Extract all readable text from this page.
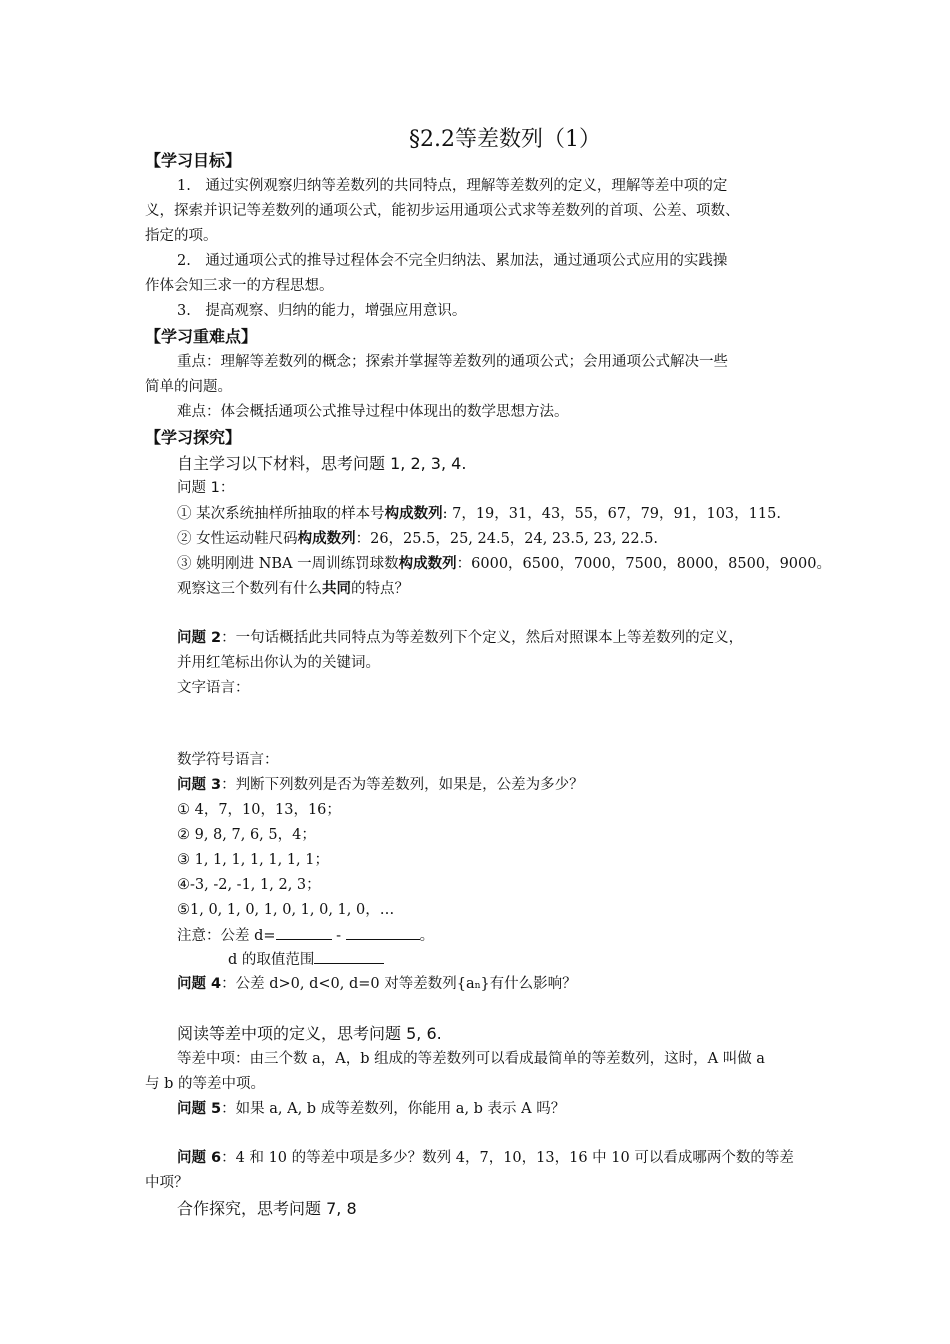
§2.2等差数列（1）
【学习目标】
1.　通过实例观察归纳等差数列的共同特点，理解等差数列的定义，理解等差中项的定
义，探索并识记等差数列的通项公式，能初步运用通项公式求等差数列的首项、公差、项数、
指定的项。
2.　通过通项公式的推导过程体会不完全归纳法、累加法，通过通项公式应用的实践操
作体会知三求一的方程思想。
3.　提高观察、归纳的能力，增强应用意识。
【学习重难点】
重点：理解等差数列的概念；探索并掌握等差数列的通项公式；会用通项公式解决一些
简单的问题。
难点：体会概括通项公式推导过程中体现出的数学思想方法。
【学习探究】
自主学习以下材料，思考问题 1, 2, 3, 4.
问题 1：
① 某次系统抽样所抽取的样本号构成数列: 7，19，31，43，55，67，79，91，103，115.
② 女性运动鞋尺码构成数列：26，25.5，25, 24.5，24, 23.5, 23, 22.5.
③ 姚明刚进 NBA 一周训练罚球数构成数列：6000，6500，7000，7500，8000，8500，9000。
观察这三个数列有什么共同的特点？
问题 2：一句话概括此共同特点为等差数列下个定义，然后对照课本上等差数列的定义，
并用红笔标出你认为的关键词。
文字语言：
数学符号语言：
问题 3：判断下列数列是否为等差数列，如果是，公差为多少？
① 4，7，10，13，16；
② 9, 8, 7, 6, 5，4；
③ 1, 1, 1, 1, 1, 1, 1；
④-3, -2, -1, 1, 2, 3；
⑤1, 0, 1, 0, 1, 0, 1, 0, 1, 0，…
注意：公差 d=	-	。
d 的取值范围
问题 4：公差 d>0, d<0, d=0 对等差数列{an}有什么影响？
阅读等差中项的定义，思考问题 5, 6.
等差中项：由三个数 a，A，b 组成的等差数列可以看成最简单的等差数列，这时，A 叫做 a
与 b 的等差中项。
问题 5：如果 a, A, b 成等差数列，你能用 a, b 表示 A 吗？
问题 6：4 和 10 的等差中项是多少？数列 4，7，10，13，16 中 10 可以看成哪两个数的等差
中项？
合作探究，思考问题 7, 8
